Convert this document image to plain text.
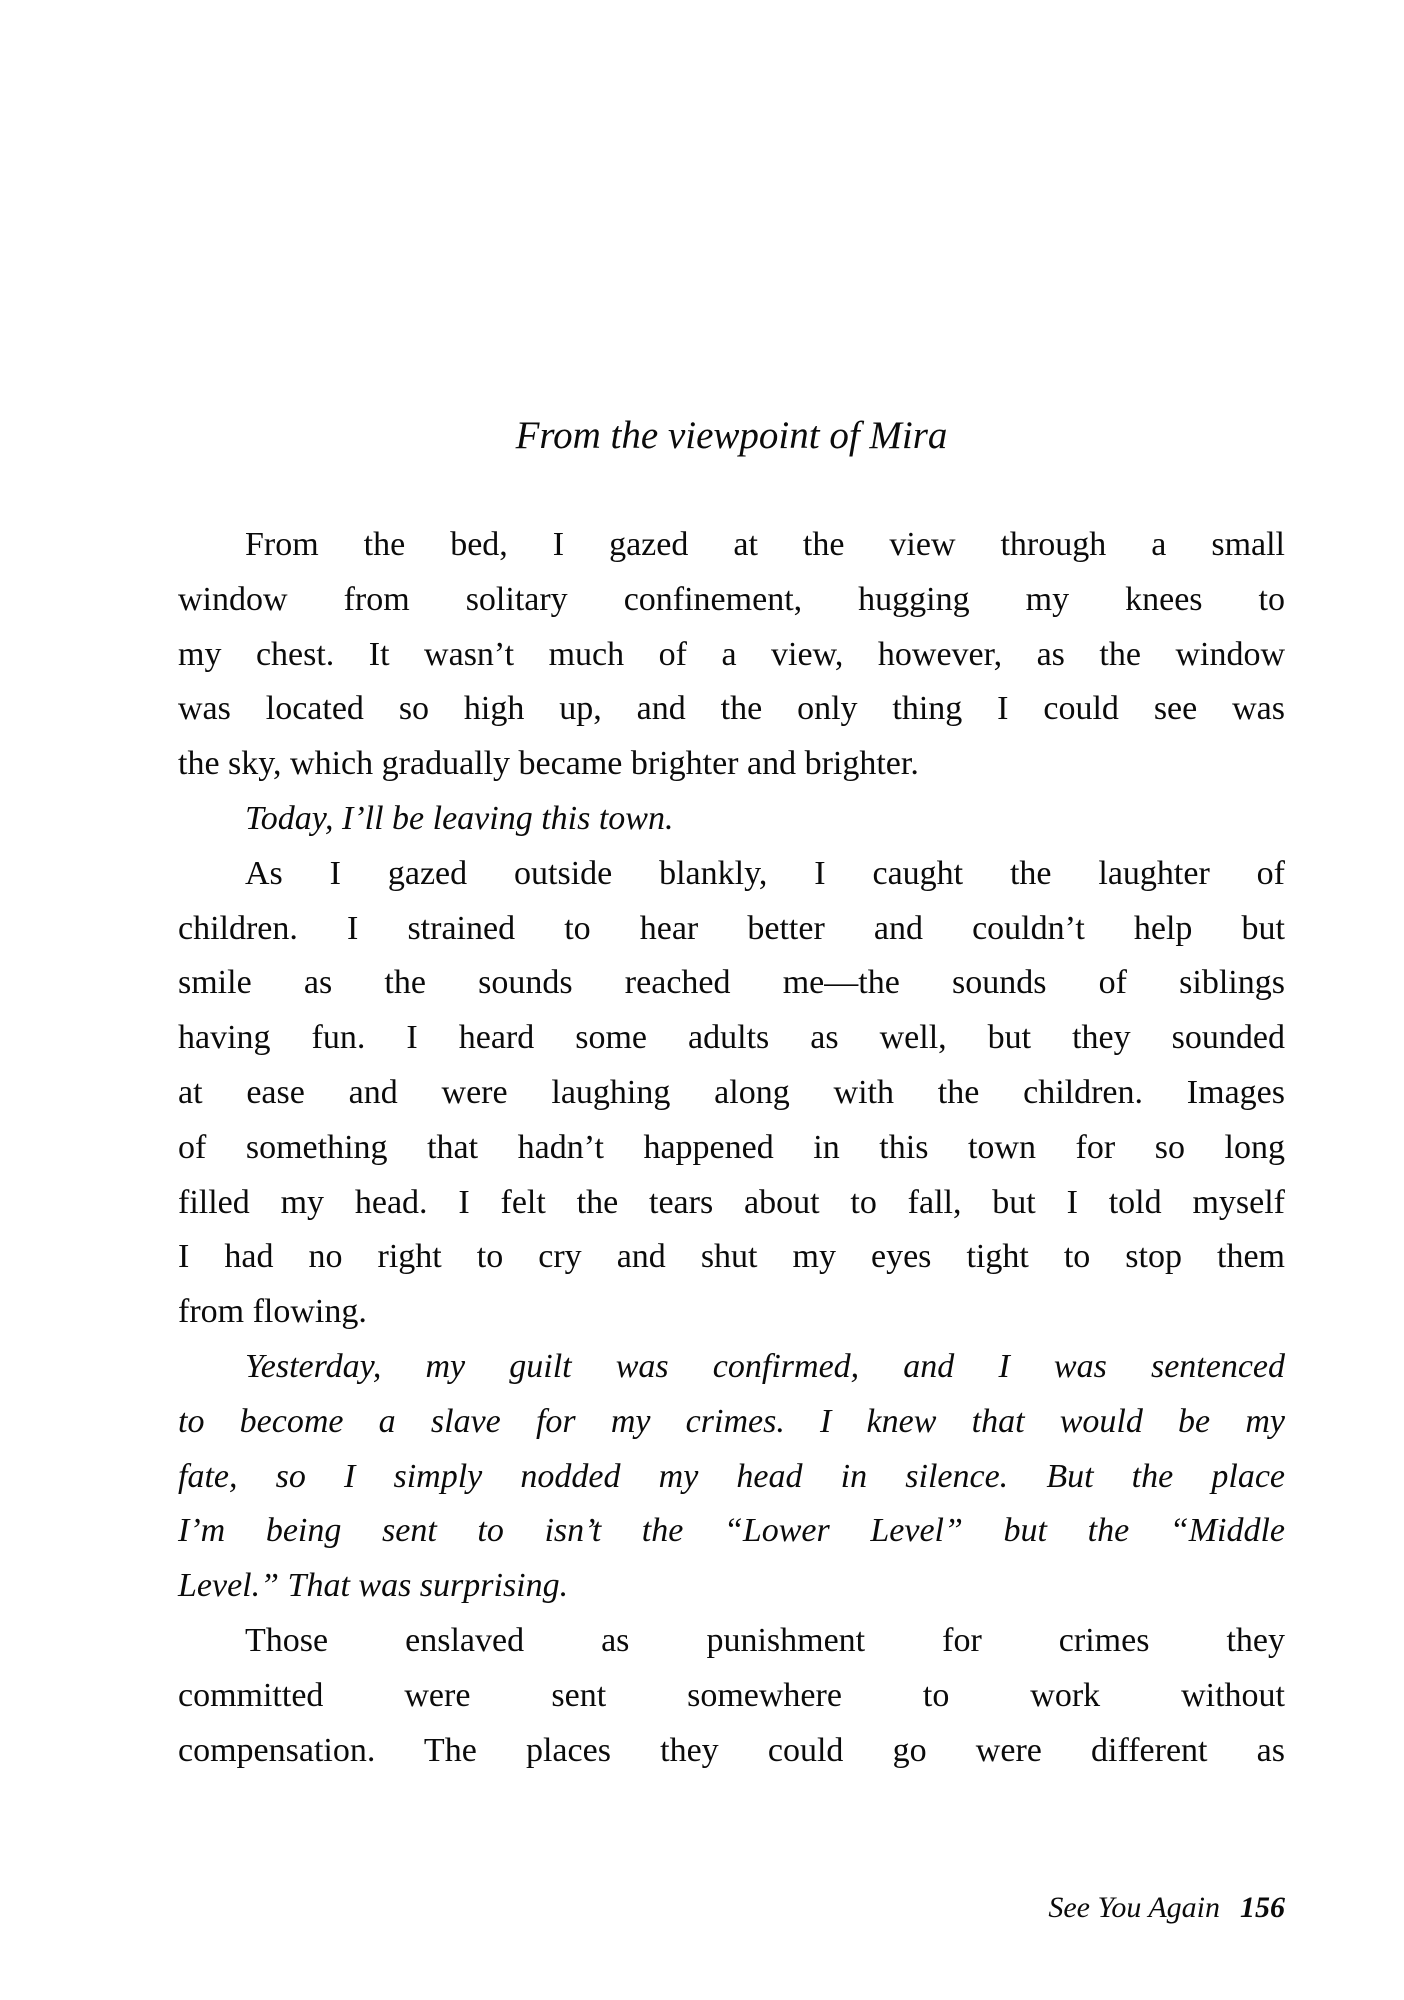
From the viewpoint of Mira
From the bed, I gazed at the view through a small
window from solitary confinement, hugging my knees to
my chest. It wasn’t much of a view, however, as the window
was located so high up, and the only thing I could see was
the sky, which gradually became brighter and brighter.
Today, I’ll be leaving this town.
As I gazed outside blankly, I caught the laughter of
children. I strained to hear better and couldn’t help but
smile as the sounds reached me—the sounds of siblings
having fun. I heard some adults as well, but they sounded
at ease and were laughing along with the children. Images
of something that hadn’t happened in this town for so long
filled my head. I felt the tears about to fall, but I told myself
I had no right to cry and shut my eyes tight to stop them
from flowing.
Yesterday, my guilt was confirmed, and I was sentenced
to become a slave for my crimes. I knew that would be my
fate, so I simply nodded my head in silence. But the place
I’m being sent to isn’t the “Lower Level” but the “Middle
Level.” That was surprising.
Those enslaved as punishment for crimes they
committed were sent somewhere to work without
compensation. The places they could go were different as
See You Again 156
